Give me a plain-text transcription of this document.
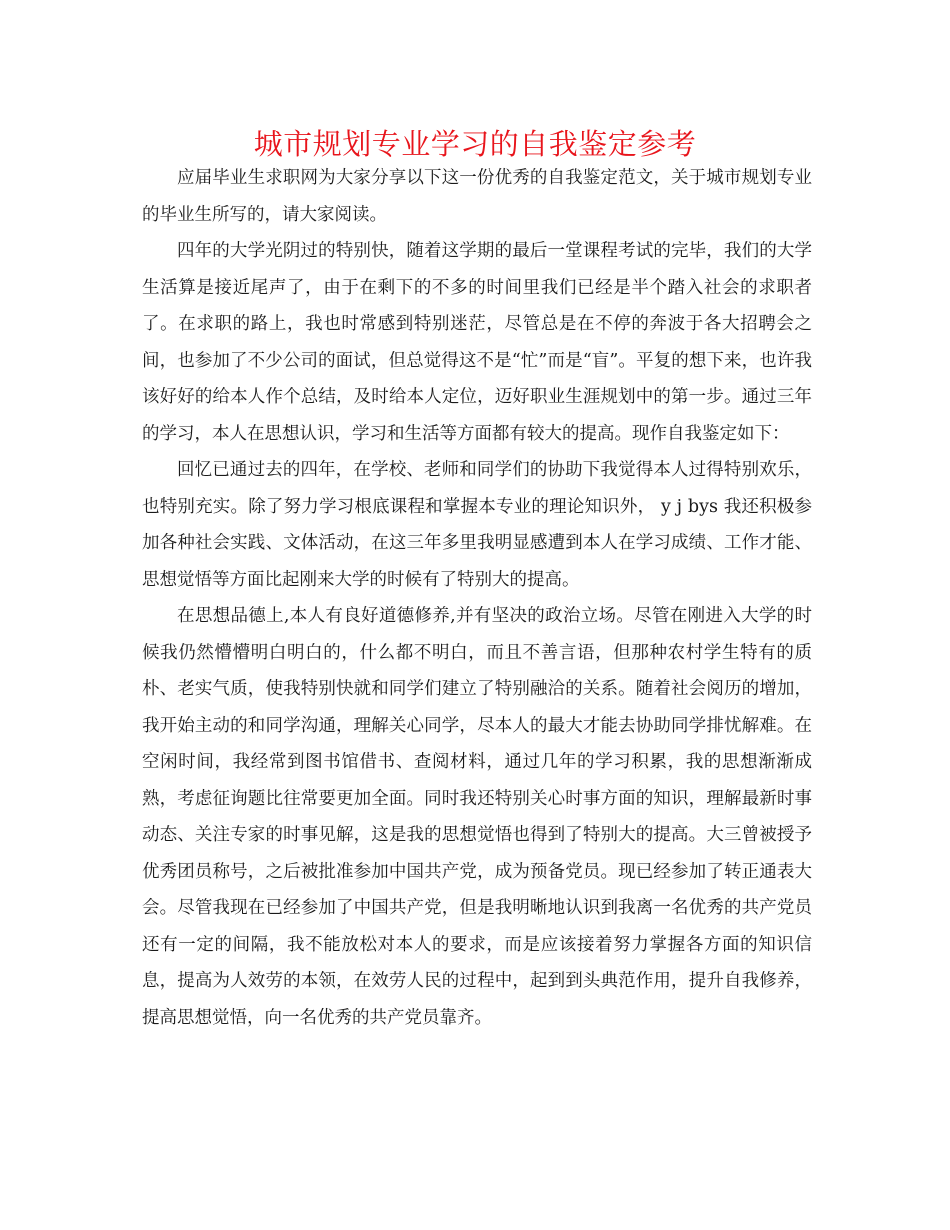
城市规划专业学习的自我鉴定参考

应届毕业生求职网为大家分享以下这一份优秀的自我鉴定范文，关于城市规划专业的毕业生所写的，请大家阅读。

四年的大学光阴过的特别快，随着这学期的最后一堂课程考试的完毕，我们的大学生活算是接近尾声了，由于在剩下的不多的时间里我们已经是半个踏入社会的求职者了。在求职的路上，我也时常感到特别迷茫，尽管总是在不停的奔波于各大招聘会之间，也参加了不少公司的面试，但总觉得这不是“忙”而是“盲”。平复的想下来，也许我该好好的给本人作个总结，及时给本人定位，迈好职业生涯规划中的第一步。通过三年的学习，本人在思想认识，学习和生活等方面都有较大的提高。现作自我鉴定如下：

回忆已通过去的四年，在学校、老师和同学们的协助下我觉得本人过得特别欢乐，也特别充实。除了努力学习根底课程和掌握本专业的理论知识外， y j bys 我还积极参加各种社会实践、文体活动，在这三年多里我明显感遭到本人在学习成绩、工作才能、思想觉悟等方面比起刚来大学的时候有了特别大的提高。

在思想品德上,本人有良好道德修养,并有坚决的政治立场。尽管在刚进入大学的时候我仍然懵懵明白明白的，什么都不明白，而且不善言语，但那种农村学生特有的质朴、老实气质，使我特别快就和同学们建立了特别融洽的关系。随着社会阅历的增加，我开始主动的和同学沟通，理解关心同学，尽本人的最大才能去协助同学排忧解难。在空闲时间，我经常到图书馆借书、查阅材料，通过几年的学习积累，我的思想渐渐成熟，考虑征询题比往常要更加全面。同时我还特别关心时事方面的知识，理解最新时事动态、关注专家的时事见解，这是我的思想觉悟也得到了特别大的提高。大三曾被授予优秀团员称号，之后被批准参加中国共产党，成为预备党员。现已经参加了转正通表大会。尽管我现在已经参加了中国共产党，但是我明晰地认识到我离一名优秀的共产党员还有一定的间隔，我不能放松对本人的要求，而是应该接着努力掌握各方面的知识信息，提高为人效劳的本领，在效劳人民的过程中，起到到头典范作用，提升自我修养，提高思想觉悟，向一名优秀的共产党员靠齐。
